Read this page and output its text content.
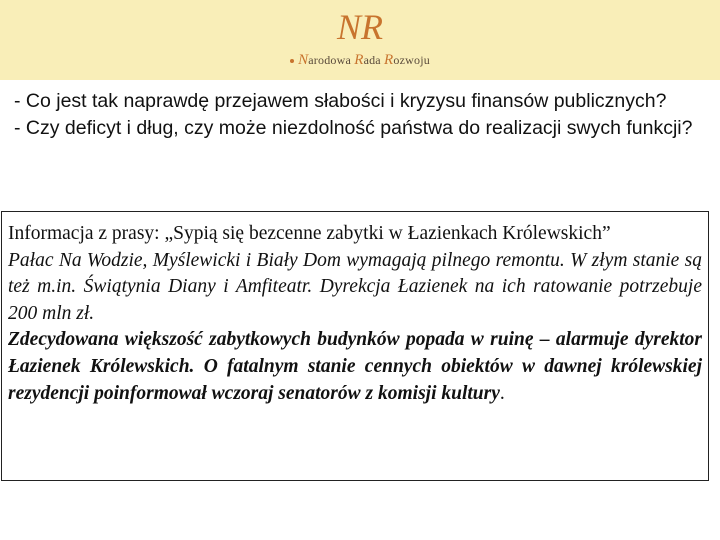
NR
Narodowa Rada Rozwoju

- Co jest tak naprawdę przejawem słabości i kryzysu finansów publicznych?

- Czy deficyt i dług, czy może niezdolność państwa do realizacji swych funkcji?

Informacja z prasy: „Sypią się bezcenne zabytki w Łazienkach Królewskich”

Pałac Na Wodzie, Myślewicki i Biały Dom wymagają pilnego remontu. W złym stanie są też m.in. Świątynia Diany i Amfiteatr. Dyrekcja Łazienek na ich ratowanie potrzebuje 200 mln zł.

Zdecydowana większość zabytkowych budynków popada w ruinę – alarmuje dyrektor Łazienek Królewskich. O fatalnym stanie cennych obiektów w dawnej królewskiej rezydencji poinformował wczoraj senatorów z komisji kultury.
